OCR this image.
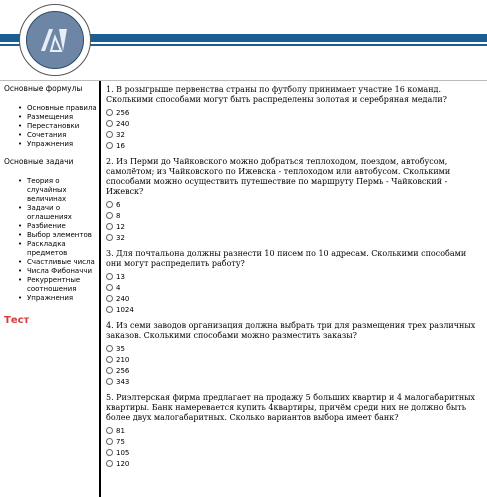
Основные формулы
• Основные правила
• Размещения
• Перестановки
• Сочетания
• Упражнения
Основные задачи
• Теория о случайных величинах
• Задачи о оглашениях
• Разбиение
• Выбор элементов
• Раскладка предметов
• Счастливые числа
• Числа Фибоначчи
• Рекуррентные соотношения
• Упражнения
Тест
1. В розыгрыше первенства страны по футболу принимает участие 16 команд. Сколькими способами могут быть распределены золотая и серебряная медали?
256
240
32
16
2. Из Перми до Чайковского можно добраться теплоходом, поездом, автобусом, самолётом; из Чайковского по Ижевска - теплоходом или автобусом. Сколькими способами можно осуществить путешествие по маршруту Пермь - Чайковский - Ижевск?
6
8
12
32
3. Для почтальона должны разнести 10 писем по 10 адресам. Сколькими способами они могут распределить работу?
13
4
240
1024
4. Из семи заводов организация должна выбрать три для размещения трех различных заказов. Сколькими способами можно разместить заказы?
35
210
256
343
5. Риэлтерская фирма предлагает на продажу 5 больших квартир и 4 малогабаритных квартиры. Банк намеревается купить 4квартиры, причём среди них не должно быть более двух малогабаритных. Сколько вариантов выбора имеет банк?
81
75
105
120
